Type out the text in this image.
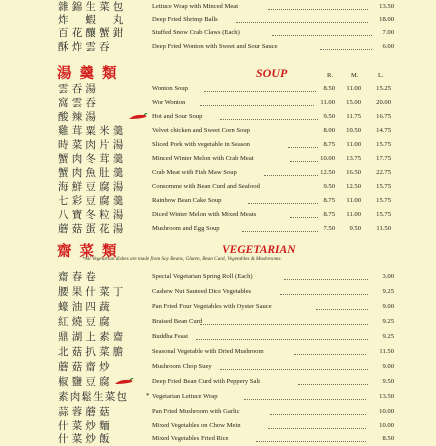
雜錦生菜包	Lettuce Wrap with Minced Meat	13.50
炸　蝦　丸	Deep Fried Shrimp Balls	18.00
百花釀蟹鉗	Stuffed Snow Crab Claws (Each)	7.00
酥炸雲吞	Deep Fried Wonton with Sweet and Sour Sauce	6.00
湯羹類	SOUP	R.	M.	L.
雲吞湯	Wonton Soup	8.50 11.00 15.25
窩雲吞	Wor Wonton	11.00 15.00 20.00
酸辣湯	Hot and Sour Soup	9.50 11.75 16.75
雞茸粟米羹	Velvet chicken and Sweet Corn Soup	8.00 10.50 14.75
時菜肉片湯	Sliced Pork with vegetable in Season	8.75 11.00 15.75
蟹肉冬茸羹	Minced Winter Melon with Crab Meat	10.00 13.75 17.75
蟹肉魚肚羹	Crab Meat with Fish Maw Soup	12.50 16.50 22.75
海鮮豆腐湯	Consomme with Bean Curd and Seafood	9.50 12.50 15.75
七彩豆腐羹	Rainbow Bean Cake Soup	8.75 11.00 15.75
八寶冬粒湯	Diced Winter Melon with Mixed Meats	8.75 11.00 15.75
蘑菇蛋花湯	Mushroom and Egg Soup	7.50 9.50 11.50
齋菜類	VEGETARIAN
*All Vegetarian dishes are made from Soy Beans, Gluten, Bean Curd, Vegetables & Mushrooms.
齋春卷	Special Vegetarian Spring Roll (Each)	3.00
腰果什菜丁	Cashew Nut Sauteed Dice Vegetables	9.25
蠔油四蔬	Pan Fried Four Vegetables with Oyster Sauce	9.00
紅燒豆腐	Braised Bean Curd	9.25
鼎湖上素齋	Buddha Feast	9.25
北菇扒菜膽	Seasonal Vegetable with Dried Mushroom	11.50
蘑菇齋炒	Mushroom Chop Suey	9.00
椒鹽豆腐	Deep Fried Bean Curd with Peppery Salt	9.50
素肉鬆生菜包	* Vegetarian Lettuce Wrap	13.50
蒜蓉蘑菇	Pan Fried Mushroom with Garlic	10.00
什菜炒麵	Mixed Vegetables on Chow Mein	10.00
什菜炒飯	Mixed Vegetables Fried Rice	8.50
